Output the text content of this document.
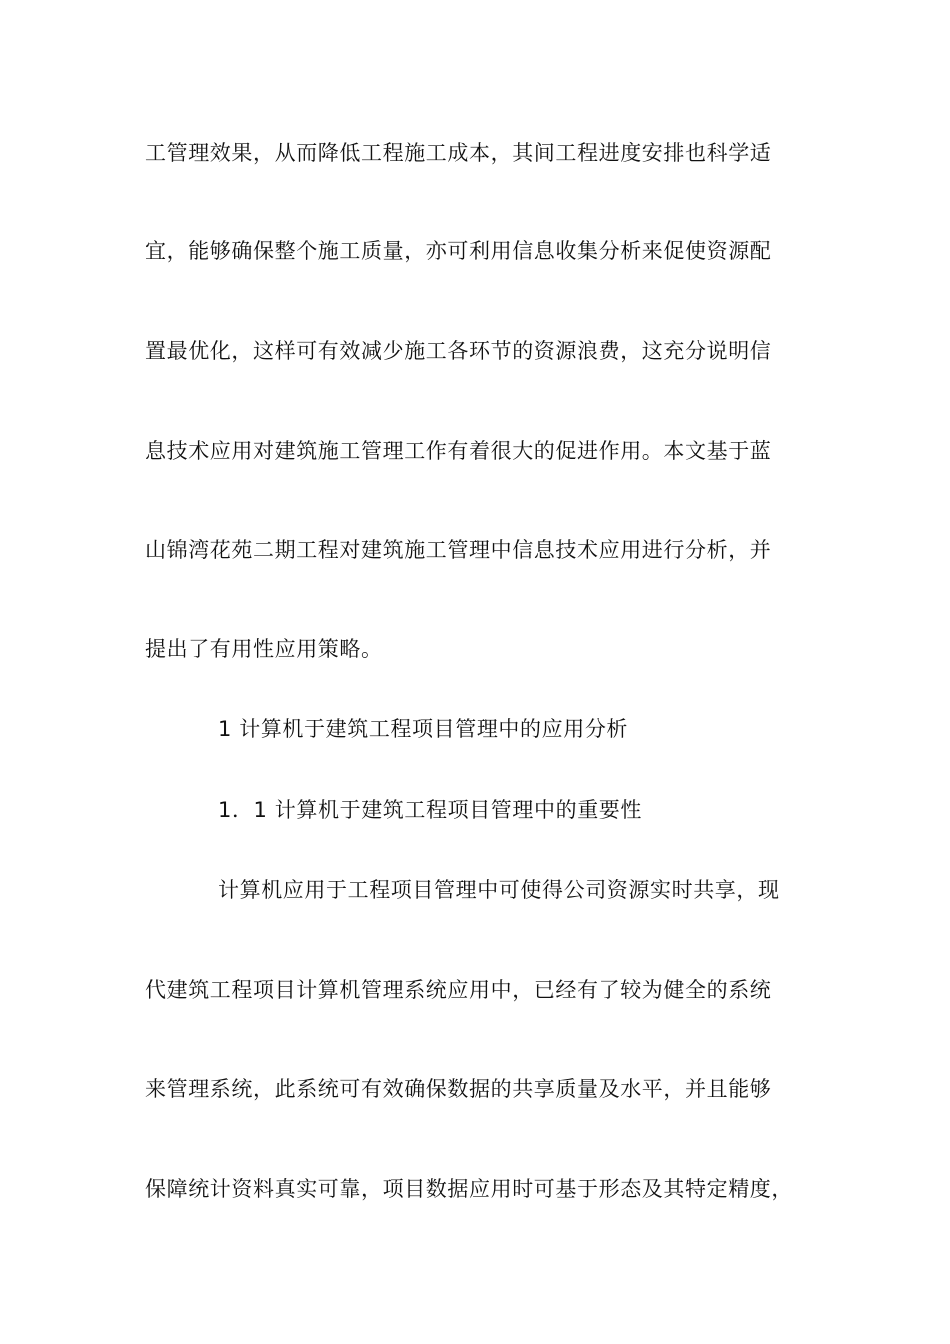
工管理效果，从而降低工程施工成本，其间工程进度安排也科学适
宜，能够确保整个施工质量，亦可利用信息收集分析来促使资源配
置最优化，这样可有效减少施工各环节的资源浪费，这充分说明信
息技术应用对建筑施工管理工作有着很大的促进作用。本文基于蓝
山锦湾花苑二期工程对建筑施工管理中信息技术应用进行分析，并
提出了有用性应用策略。
1 计算机于建筑工程项目管理中的应用分析
1．1 计算机于建筑工程项目管理中的重要性
计算机应用于工程项目管理中可使得公司资源实时共享，现
代建筑工程项目计算机管理系统应用中，已经有了较为健全的系统
来管理系统，此系统可有效确保数据的共享质量及水平，并且能够
保障统计资料真实可靠，项目数据应用时可基于形态及其特定精度，
